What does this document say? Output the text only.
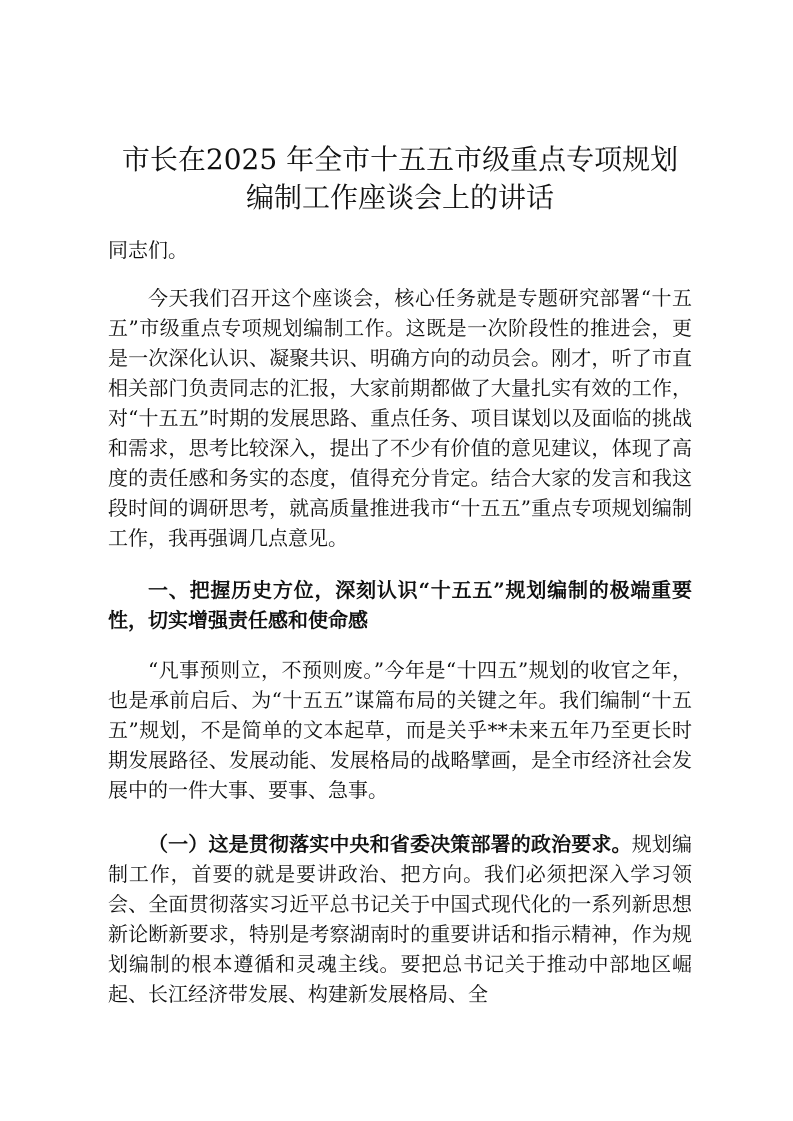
市长在2025 年全市十五五市级重点专项规划
编制工作座谈会上的讲话

同志们。

今天我们召开这个座谈会，核心任务就是专题研究部署“十五五”市级重点专项规划编制工作。这既是一次阶段性的推进会，更是一次深化认识、凝聚共识、明确方向的动员会。刚才，听了市直相关部门负责同志的汇报，大家前期都做了大量扎实有效的工作，对“十五五”时期的发展思路、重点任务、项目谋划以及面临的挑战和需求，思考比较深入，提出了不少有价值的意见建议，体现了高度的责任感和务实的态度，值得充分肯定。结合大家的发言和我这段时间的调研思考，就高质量推进我市“十五五”重点专项规划编制工作，我再强调几点意见。

一、把握历史方位，深刻认识“十五五”规划编制的极端重要性，切实增强责任感和使命感

“凡事预则立，不预则废。”今年是“十四五”规划的收官之年，也是承前启后、为“十五五”谋篇布局的关键之年。我们编制“十五五”规划，不是简单的文本起草，而是关乎**未来五年乃至更长时期发展路径、发展动能、发展格局的战略擘画，是全市经济社会发展中的一件大事、要事、急事。

（一）这是贯彻落实中央和省委决策部署的政治要求。规划编制工作，首要的就是要讲政治、把方向。我们必须把深入学习领会、全面贯彻落实习近平总书记关于中国式现代化的一系列新思想新论断新要求，特别是考察湖南时的重要讲话和指示精神，作为规划编制的根本遵循和灵魂主线。要把总书记关于推动中部地区崛起、长江经济带发展、构建新发展格局、全
